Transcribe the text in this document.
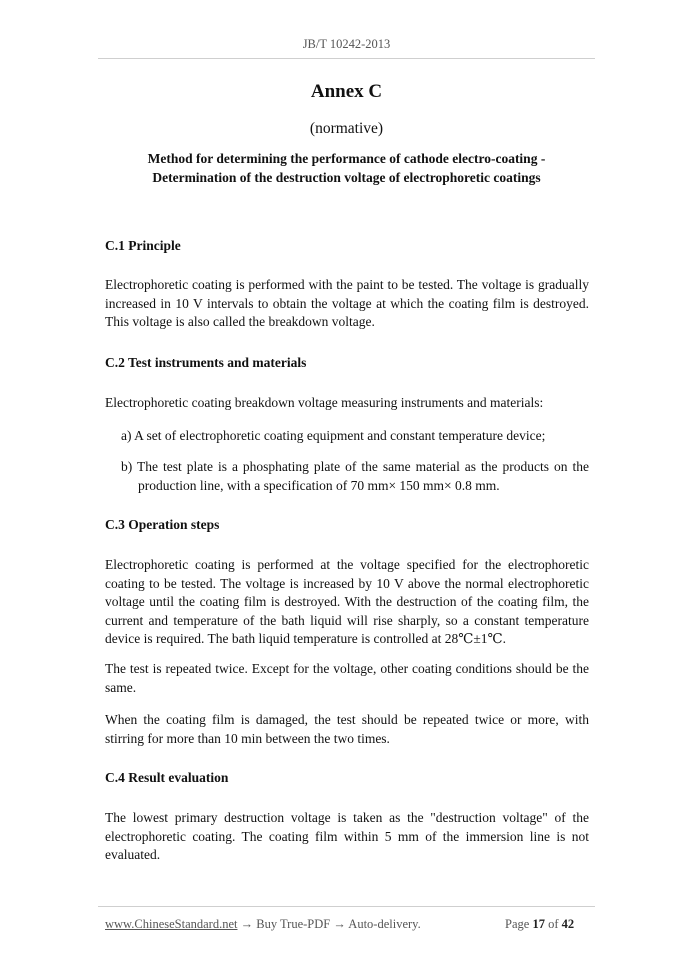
JB/T 10242-2013
Annex C
(normative)
Method for determining the performance of cathode electro-coating -
Determination of the destruction voltage of electrophoretic coatings
C.1 Principle
Electrophoretic coating is performed with the paint to be tested. The voltage is gradually increased in 10 V intervals to obtain the voltage at which the coating film is destroyed. This voltage is also called the breakdown voltage.
C.2 Test instruments and materials
Electrophoretic coating breakdown voltage measuring instruments and materials:
a) A set of electrophoretic coating equipment and constant temperature device;
b) The test plate is a phosphating plate of the same material as the products on the production line, with a specification of 70 mm× 150 mm× 0.8 mm.
C.3 Operation steps
Electrophoretic coating is performed at the voltage specified for the electrophoretic coating to be tested. The voltage is increased by 10 V above the normal electrophoretic voltage until the coating film is destroyed. With the destruction of the coating film, the current and temperature of the bath liquid will rise sharply, so a constant temperature device is required. The bath liquid temperature is controlled at 28℃±1℃.
The test is repeated twice. Except for the voltage, other coating conditions should be the same.
When the coating film is damaged, the test should be repeated twice or more, with stirring for more than 10 min between the two times.
C.4 Result evaluation
The lowest primary destruction voltage is taken as the "destruction voltage" of the electrophoretic coating. The coating film within 5 mm of the immersion line is not evaluated.
www.ChineseStandard.net → Buy True-PDF → Auto-delivery.	Page 17 of 42
